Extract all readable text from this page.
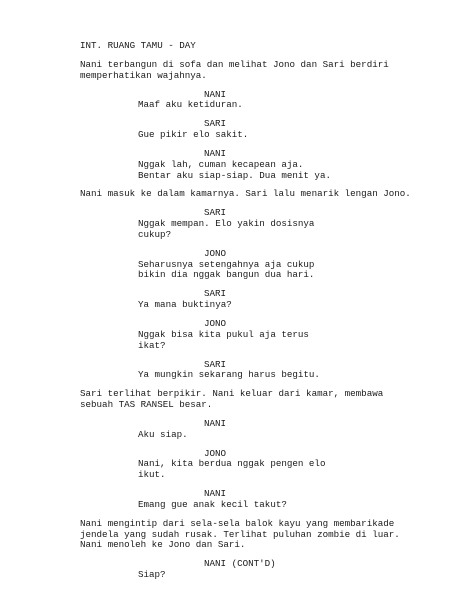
INT. RUANG TAMU - DAY

Nani terbangun di sofa dan melihat Jono dan Sari berdiri

memperhatikan wajahnya.

NANI

Maaf aku ketiduran.

SARI

Gue pikir elo sakit.

NANI

Nggak lah, cuman kecapean aja.

Bentar aku siap-siap. Dua menit ya.

Nani masuk ke dalam kamarnya. Sari lalu menarik lengan Jono.

SARI

Nggak mempan. Elo yakin dosisnya

cukup?

JONO

Seharusnya setengahnya aja cukup

bikin dia nggak bangun dua hari.

SARI

Ya mana buktinya?

JONO

Nggak bisa kita pukul aja terus

ikat?

SARI

Ya mungkin sekarang harus begitu.

Sari terlihat berpikir. Nani keluar dari kamar, membawa

sebuah TAS RANSEL besar.

NANI

Aku siap.

JONO

Nani, kita berdua nggak pengen elo

ikut.

NANI

Emang gue anak kecil takut?

Nani mengintip dari sela-sela balok kayu yang membarikade

jendela yang sudah rusak. Terlihat puluhan zombie di luar.

Nani menoleh ke Jono dan Sari.

NANI (CONT'D)

Siap?
